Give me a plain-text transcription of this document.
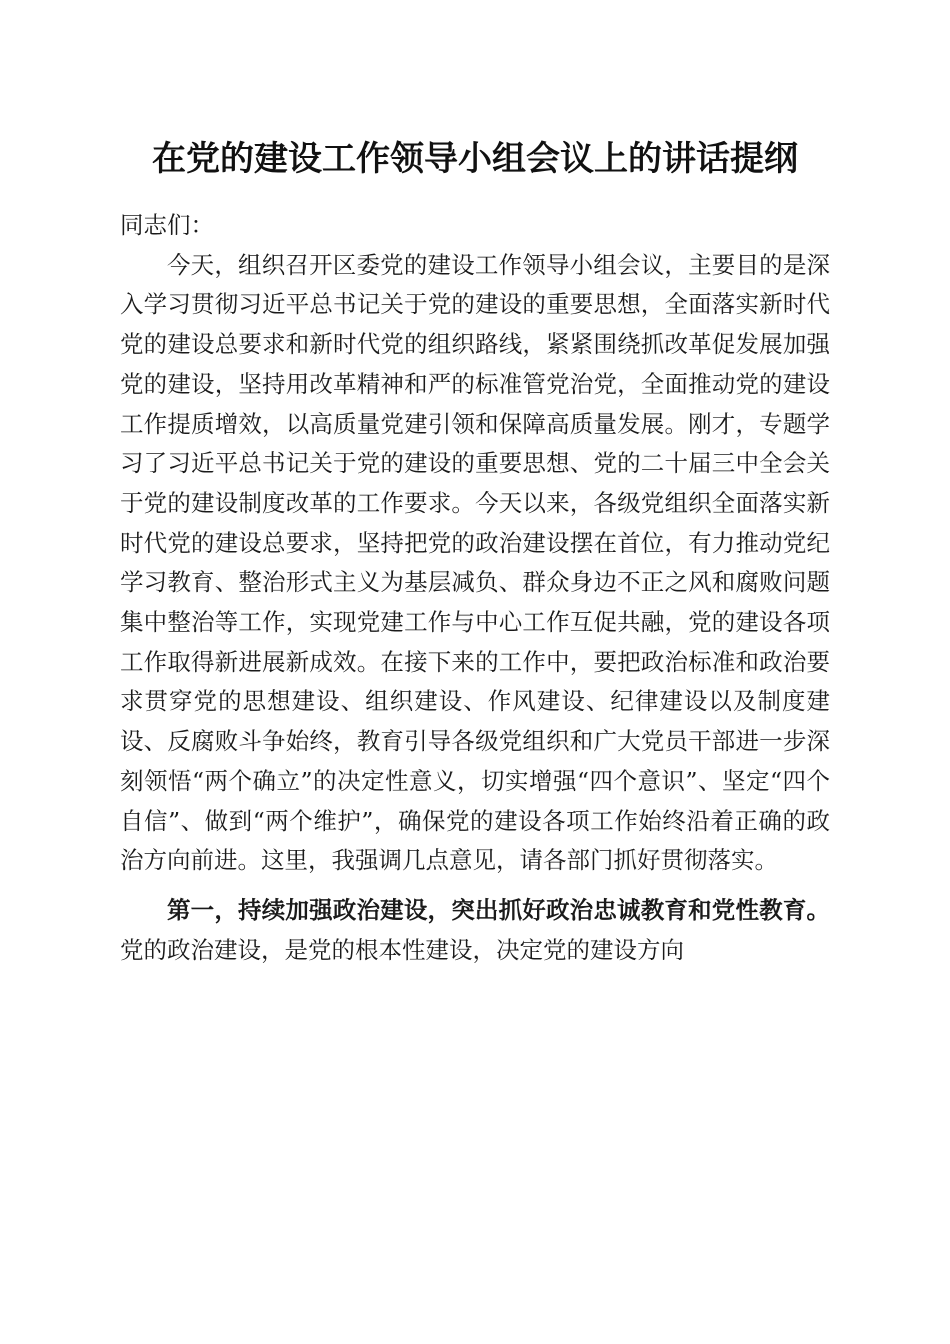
在党的建设工作领导小组会议上的讲话提纲

同志们：

今天，组织召开区委党的建设工作领导小组会议，主要目的是深入学习贯彻习近平总书记关于党的建设的重要思想，全面落实新时代党的建设总要求和新时代党的组织路线，紧紧围绕抓改革促发展加强党的建设，坚持用改革精神和严的标准管党治党，全面推动党的建设工作提质增效，以高质量党建引领和保障高质量发展。刚才，专题学习了习近平总书记关于党的建设的重要思想、党的二十届三中全会关于党的建设制度改革的工作要求。今天以来，各级党组织全面落实新时代党的建设总要求，坚持把党的政治建设摆在首位，有力推动党纪学习教育、整治形式主义为基层减负、群众身边不正之风和腐败问题集中整治等工作，实现党建工作与中心工作互促共融，党的建设各项工作取得新进展新成效。在接下来的工作中，要把政治标准和政治要求贯穿党的思想建设、组织建设、作风建设、纪律建设以及制度建设、反腐败斗争始终，教育引导各级党组织和广大党员干部进一步深刻领悟“两个确立”的决定性意义，切实增强“四个意识”、坚定“四个自信”、做到“两个维护”，确保党的建设各项工作始终沿着正确的政治方向前进。这里，我强调几点意见，请各部门抓好贯彻落实。

第一，持续加强政治建设，突出抓好政治忠诚教育和党性教育。党的政治建设，是党的根本性建设，决定党的建设方向
